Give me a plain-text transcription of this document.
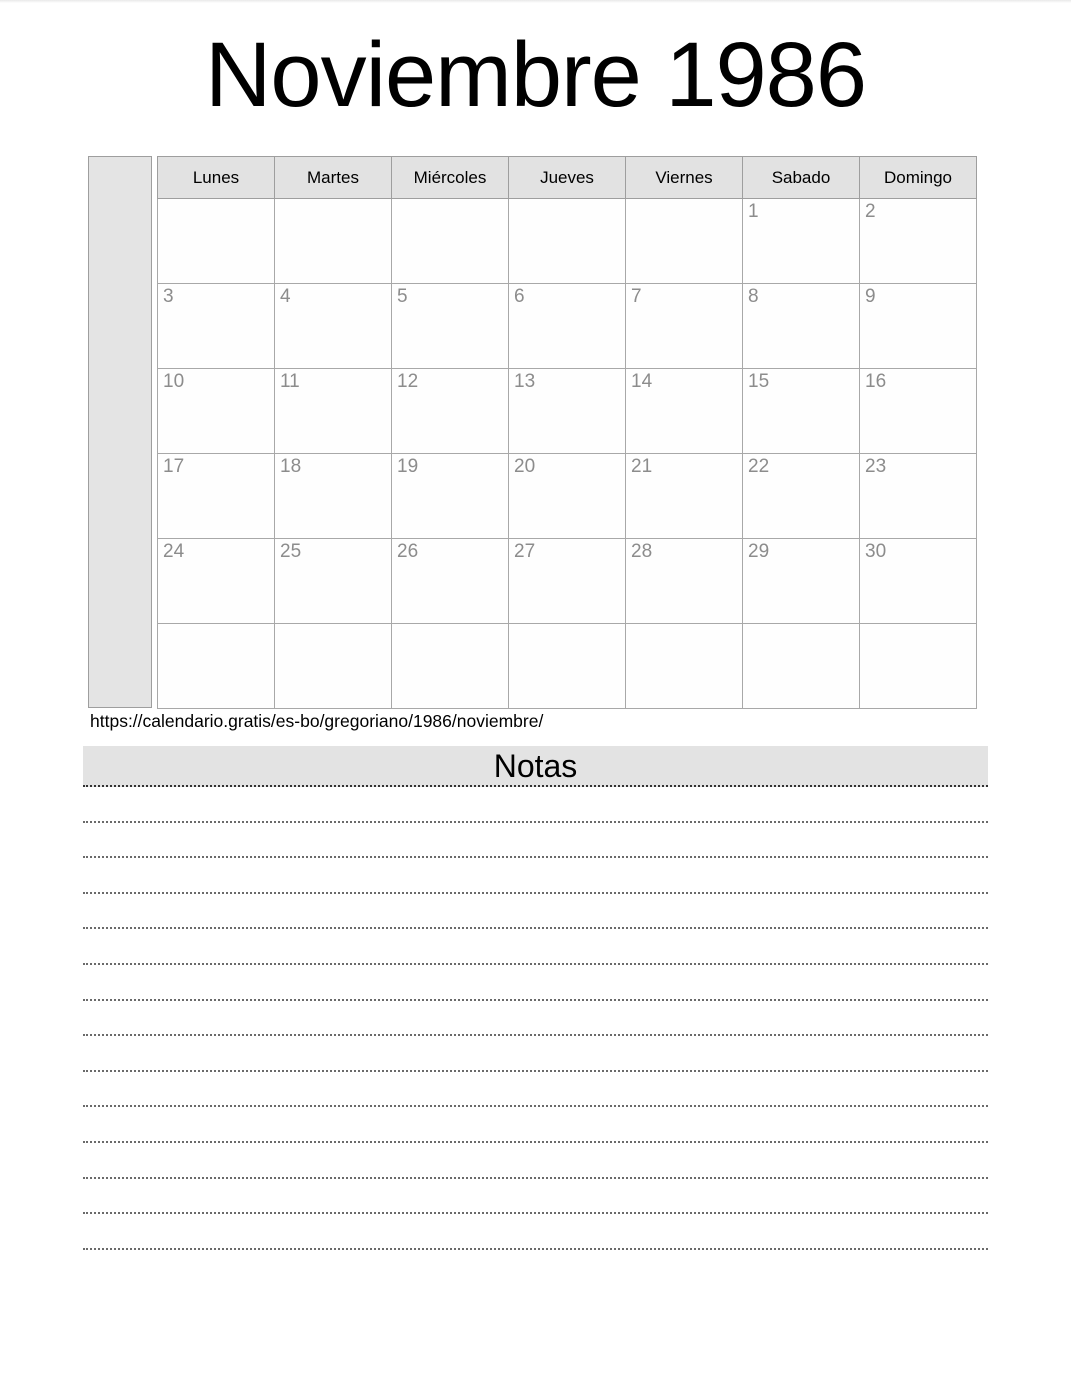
Noviembre 1986
Lunes	Martes	Miércoles	Jueves	Viernes	Sabado	Domingo
					1	2
3	4	5	6	7	8	9
10	11	12	13	14	15	16
17	18	19	20	21	22	23
24	25	26	27	28	29	30

https://calendario.gratis/es-bo/gregoriano/1986/noviembre/
Notas
